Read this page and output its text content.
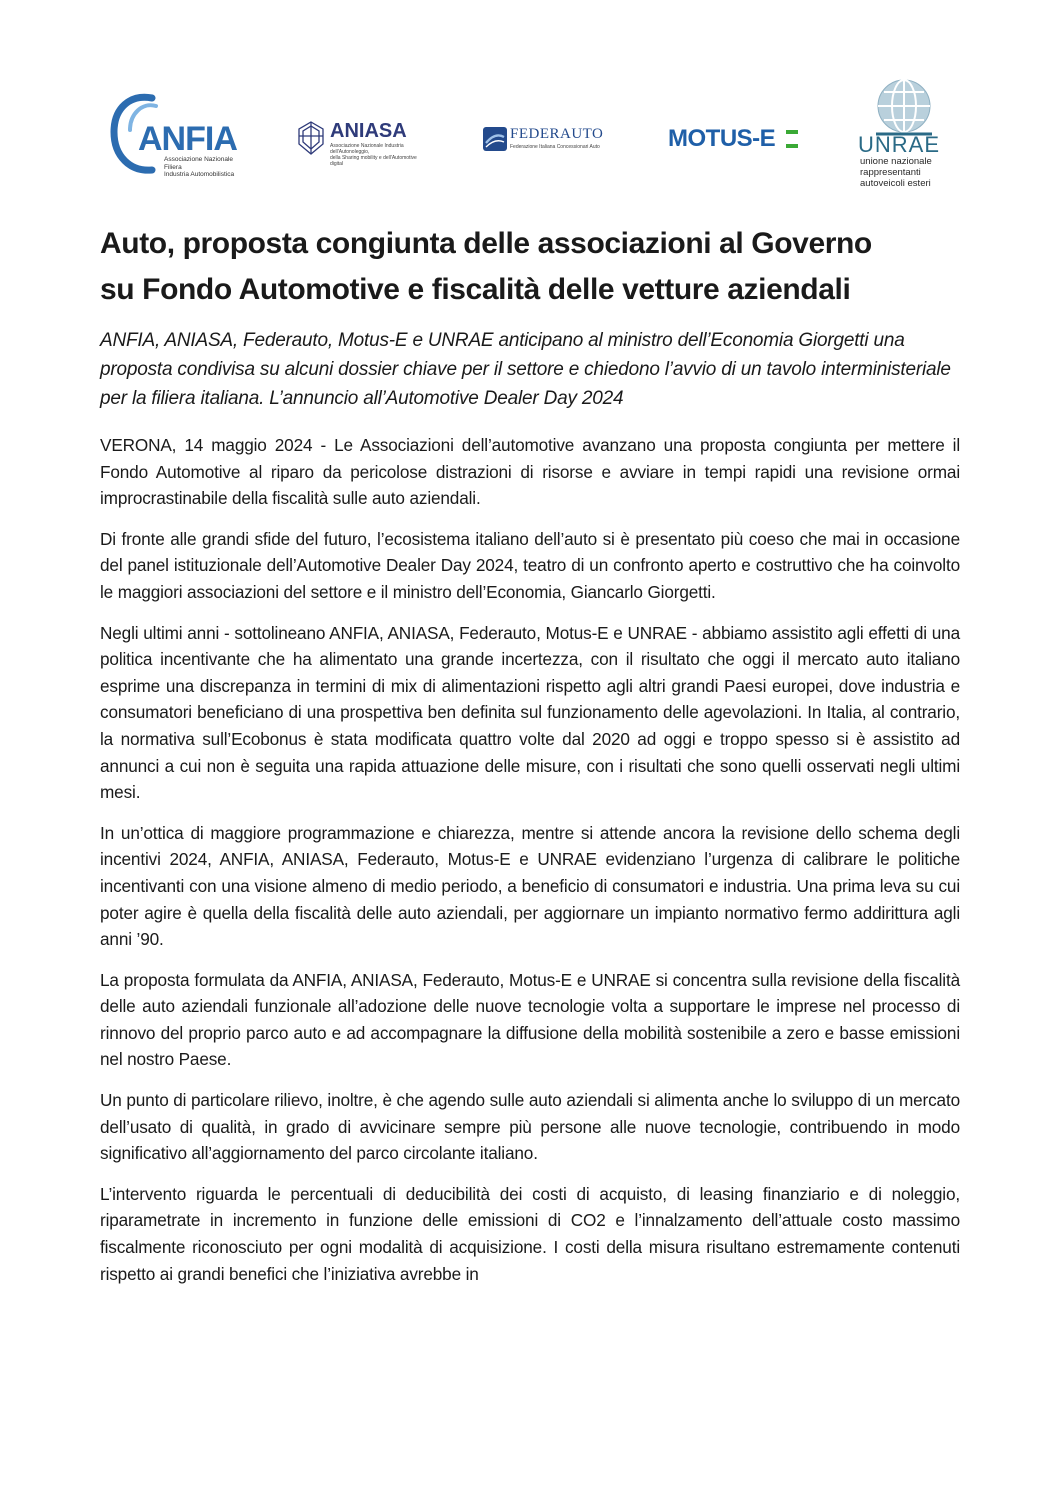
ANFIA
Associazione Nazionale
Filiera
Industria Automobilistica
ANIASA
Associazione Nazionale Industria dell'Autonoleggio,
della Sharing mobility e dell'Automotive digital
FEDERAUTO
Federazione Italiana Concessionari Auto	MOTUS-E	UNRAE
unione nazionale
rappresentanti
autoveicoli esteri
Auto, proposta congiunta delle associazioni al Governo
su Fondo Automotive e fiscalità delle vetture aziendali

ANFIA, ANIASA, Federauto, Motus-E e UNRAE anticipano al ministro dell’Economia Giorgetti una proposta condivisa su alcuni dossier chiave per il settore e chiedono l’avvio di un tavolo interministeriale per la filiera italiana. L’annuncio all’Automotive Dealer Day 2024

VERONA, 14 maggio 2024 - Le Associazioni dell’automotive avanzano una proposta congiunta per mettere il Fondo Automotive al riparo da pericolose distrazioni di risorse e avviare in tempi rapidi una revisione ormai improcrastinabile della fiscalità sulle auto aziendali.

Di fronte alle grandi sfide del futuro, l’ecosistema italiano dell’auto si è presentato più coeso che mai in occasione del panel istituzionale dell’Automotive Dealer Day 2024, teatro di un confronto aperto e costruttivo che ha coinvolto le maggiori associazioni del settore e il ministro dell’Economia, Giancarlo Giorgetti.

Negli ultimi anni - sottolineano ANFIA, ANIASA, Federauto, Motus-E e UNRAE - abbiamo assistito agli effetti di una politica incentivante che ha alimentato una grande incertezza, con il risultato che oggi il mercato auto italiano esprime una discrepanza in termini di mix di alimentazioni rispetto agli altri grandi Paesi europei, dove industria e consumatori beneficiano di una prospettiva ben definita sul funzionamento delle agevolazioni. In Italia, al contrario, la normativa sull’Ecobonus è stata modificata quattro volte dal 2020 ad oggi e troppo spesso si è assistito ad annunci a cui non è seguita una rapida attuazione delle misure, con i risultati che sono quelli osservati negli ultimi mesi.

In un’ottica di maggiore programmazione e chiarezza, mentre si attende ancora la revisione dello schema degli incentivi 2024, ANFIA, ANIASA, Federauto, Motus-E e UNRAE evidenziano l’urgenza di calibrare le politiche incentivanti con una visione almeno di medio periodo, a beneficio di consumatori e industria. Una prima leva su cui poter agire è quella della fiscalità delle auto aziendali, per aggiornare un impianto normativo fermo addirittura agli anni ’90.

La proposta formulata da ANFIA, ANIASA, Federauto, Motus-E e UNRAE si concentra sulla revisione della fiscalità delle auto aziendali funzionale all’adozione delle nuove tecnologie volta a supportare le imprese nel processo di rinnovo del proprio parco auto e ad accompagnare la diffusione della mobilità sostenibile a zero e basse emissioni nel nostro Paese.

Un punto di particolare rilievo, inoltre, è che agendo sulle auto aziendali si alimenta anche lo sviluppo di un mercato dell’usato di qualità, in grado di avvicinare sempre più persone alle nuove tecnologie, contribuendo in modo significativo all’aggiornamento del parco circolante italiano.

L’intervento riguarda le percentuali di deducibilità dei costi di acquisto, di leasing finanziario e di noleggio, riparametrate in incremento in funzione delle emissioni di CO2 e l’innalzamento dell’attuale costo massimo fiscalmente riconosciuto per ogni modalità di acquisizione. I costi della misura risultano estremamente contenuti rispetto ai grandi benefici che l’iniziativa avrebbe in
